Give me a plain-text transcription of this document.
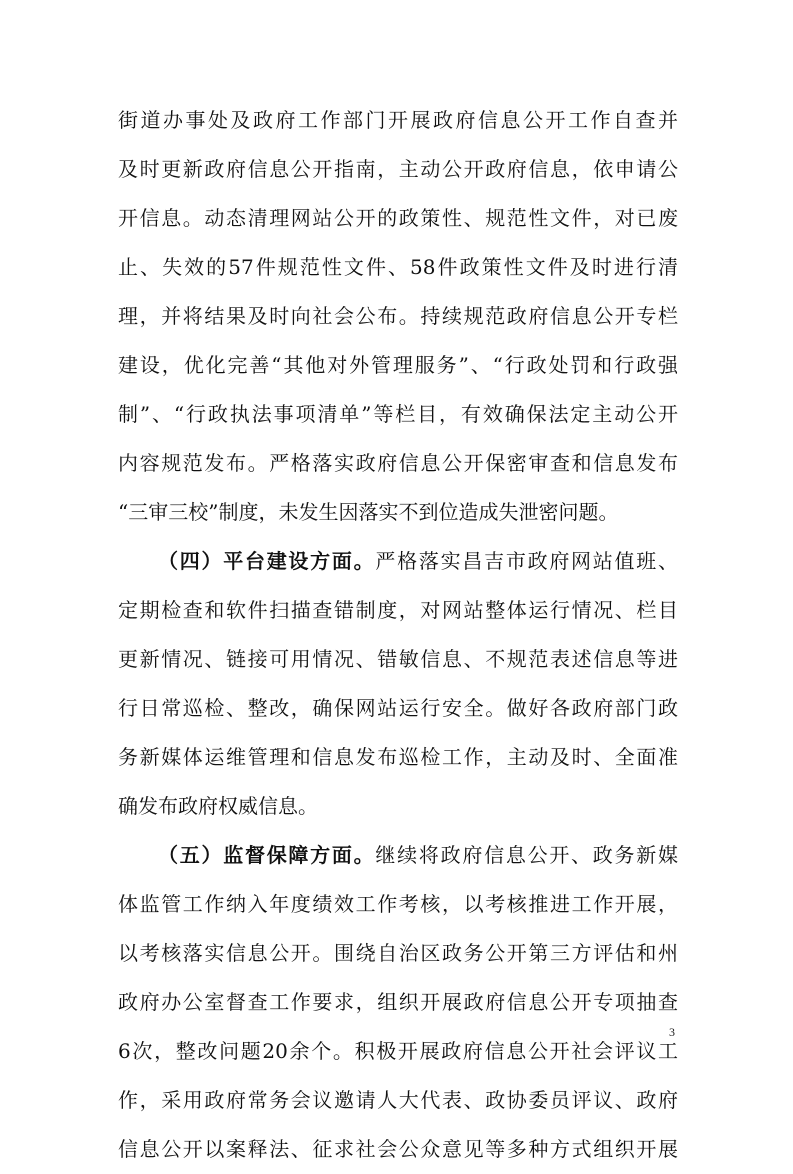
街道办事处及政府工作部门开展政府信息公开工作自查并
及时更新政府信息公开指南，主动公开政府信息，依申请公
开信息。动态清理网站公开的政策性、规范性文件，对已废
止、失效的57件规范性文件、58件政策性文件及时进行清
理，并将结果及时向社会公布。持续规范政府信息公开专栏
建设，优化完善“其他对外管理服务”、“行政处罚和行政强
制”、“行政执法事项清单”等栏目，有效确保法定主动公开
内容规范发布。严格落实政府信息公开保密审查和信息发布
“三审三校”制度，未发生因落实不到位造成失泄密问题。
（四）平台建设方面。严格落实昌吉市政府网站值班、
定期检查和软件扫描查错制度，对网站整体运行情况、栏目
更新情况、链接可用情况、错敏信息、不规范表述信息等进
行日常巡检、整改，确保网站运行安全。做好各政府部门政
务新媒体运维管理和信息发布巡检工作，主动及时、全面准
确发布政府权威信息。
（五）监督保障方面。继续将政府信息公开、政务新媒
体监管工作纳入年度绩效工作考核，以考核推进工作开展，
以考核落实信息公开。围绕自治区政务公开第三方评估和州
政府办公室督查工作要求，组织开展政府信息公开专项抽查
6次，整改问题20余个。积极开展政府信息公开社会评议工
作，采用政府常务会议邀请人大代表、政协委员评议、政府
信息公开以案释法、征求社会公众意见等多种方式组织开展
3
